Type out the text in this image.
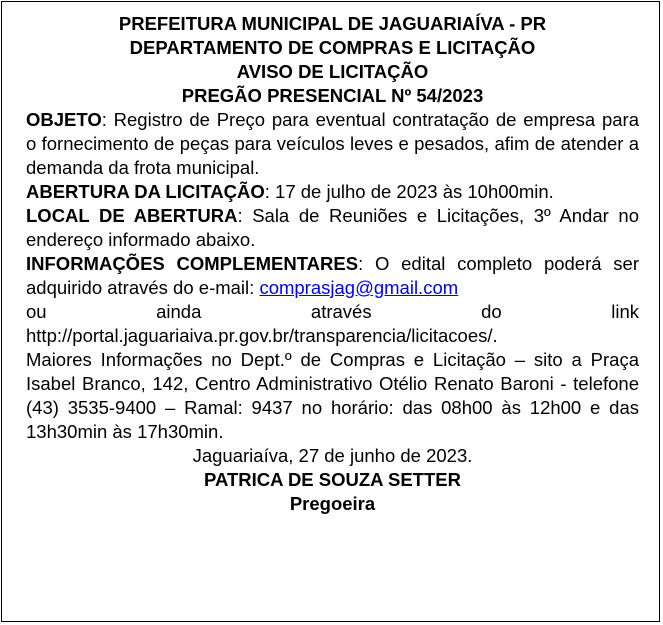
PREFEITURA MUNICIPAL DE JAGUARIAÍVA - PR
DEPARTAMENTO DE COMPRAS E LICITAÇÃO
AVISO DE LICITAÇÃO
PREGÃO PRESENCIAL Nº 54/2023
OBJETO: Registro de Preço para eventual contratação de empresa para o fornecimento de peças para veículos leves e pesados, afim de atender a demanda da frota municipal.
ABERTURA DA LICITAÇÃO: 17 de julho de 2023 às 10h00min.
LOCAL DE ABERTURA: Sala de Reuniões e Licitações, 3º Andar no endereço informado abaixo.
INFORMAÇÕES COMPLEMENTARES: O edital completo poderá ser adquirido através do e-mail: comprasjag@gmail.com
ou ainda através do link
http://portal.jaguariaiva.pr.gov.br/transparencia/licitacoes/.
Maiores Informações no Dept.º de Compras e Licitação – sito a Praça Isabel Branco, 142, Centro Administrativo Otélio Renato Baroni - telefone (43) 3535-9400 – Ramal: 9437 no horário: das 08h00 às 12h00 e das 13h30min às 17h30min.
Jaguariaíva, 27 de junho de 2023.
PATRICA DE SOUZA SETTER
Pregoeira
